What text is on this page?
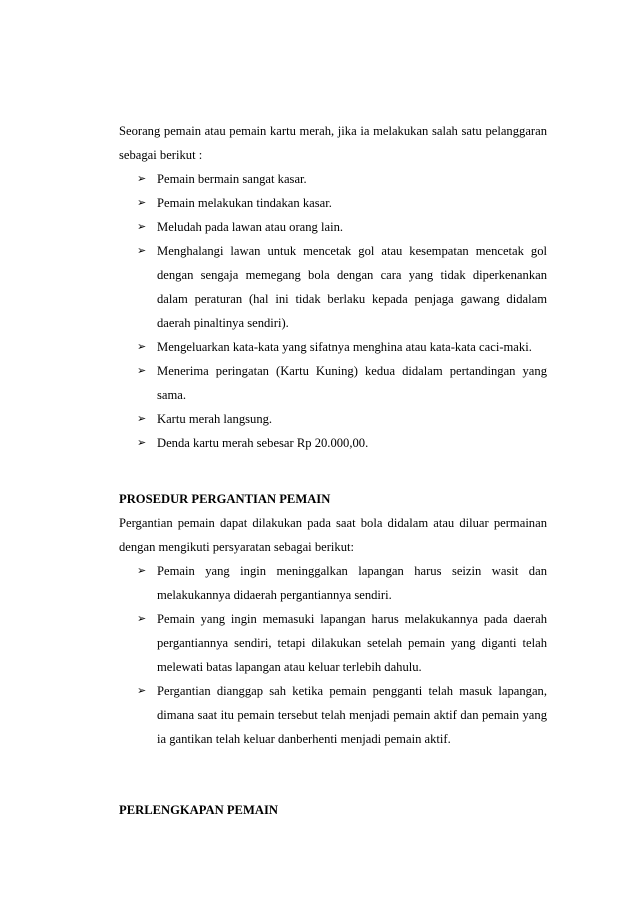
Seorang pemain atau pemain kartu merah, jika ia melakukan salah satu pelanggaran sebagai berikut :

➢ Pemain bermain sangat kasar.
➢ Pemain melakukan tindakan kasar.
➢ Meludah pada lawan atau orang lain.
➢ Menghalangi lawan untuk mencetak gol atau kesempatan mencetak gol dengan sengaja memegang bola dengan cara yang tidak diperkenankan dalam peraturan (hal ini tidak berlaku kepada penjaga gawang didalam daerah pinaltinya sendiri).
➢ Mengeluarkan kata-kata yang sifatnya menghina atau kata-kata caci-maki.
➢ Menerima peringatan (Kartu Kuning) kedua didalam pertandingan yang sama.
➢ Kartu merah langsung.
➢ Denda kartu merah sebesar Rp 20.000,00.
PROSEDUR PERGANTIAN PEMAIN

Pergantian pemain dapat dilakukan pada saat bola didalam atau diluar permainan dengan mengikuti persyaratan sebagai berikut:

➢ Pemain yang ingin meninggalkan lapangan harus seizin wasit dan melakukannya didaerah pergantiannya sendiri.
➢ Pemain yang ingin memasuki lapangan harus melakukannya pada daerah pergantiannya sendiri, tetapi dilakukan setelah pemain yang diganti telah melewati batas lapangan atau keluar terlebih dahulu.
➢ Pergantian dianggap sah ketika pemain pengganti telah masuk lapangan, dimana saat itu pemain tersebut telah menjadi pemain aktif dan pemain yang ia gantikan telah keluar danberhenti menjadi pemain aktif.
PERLENGKAPAN PEMAIN
